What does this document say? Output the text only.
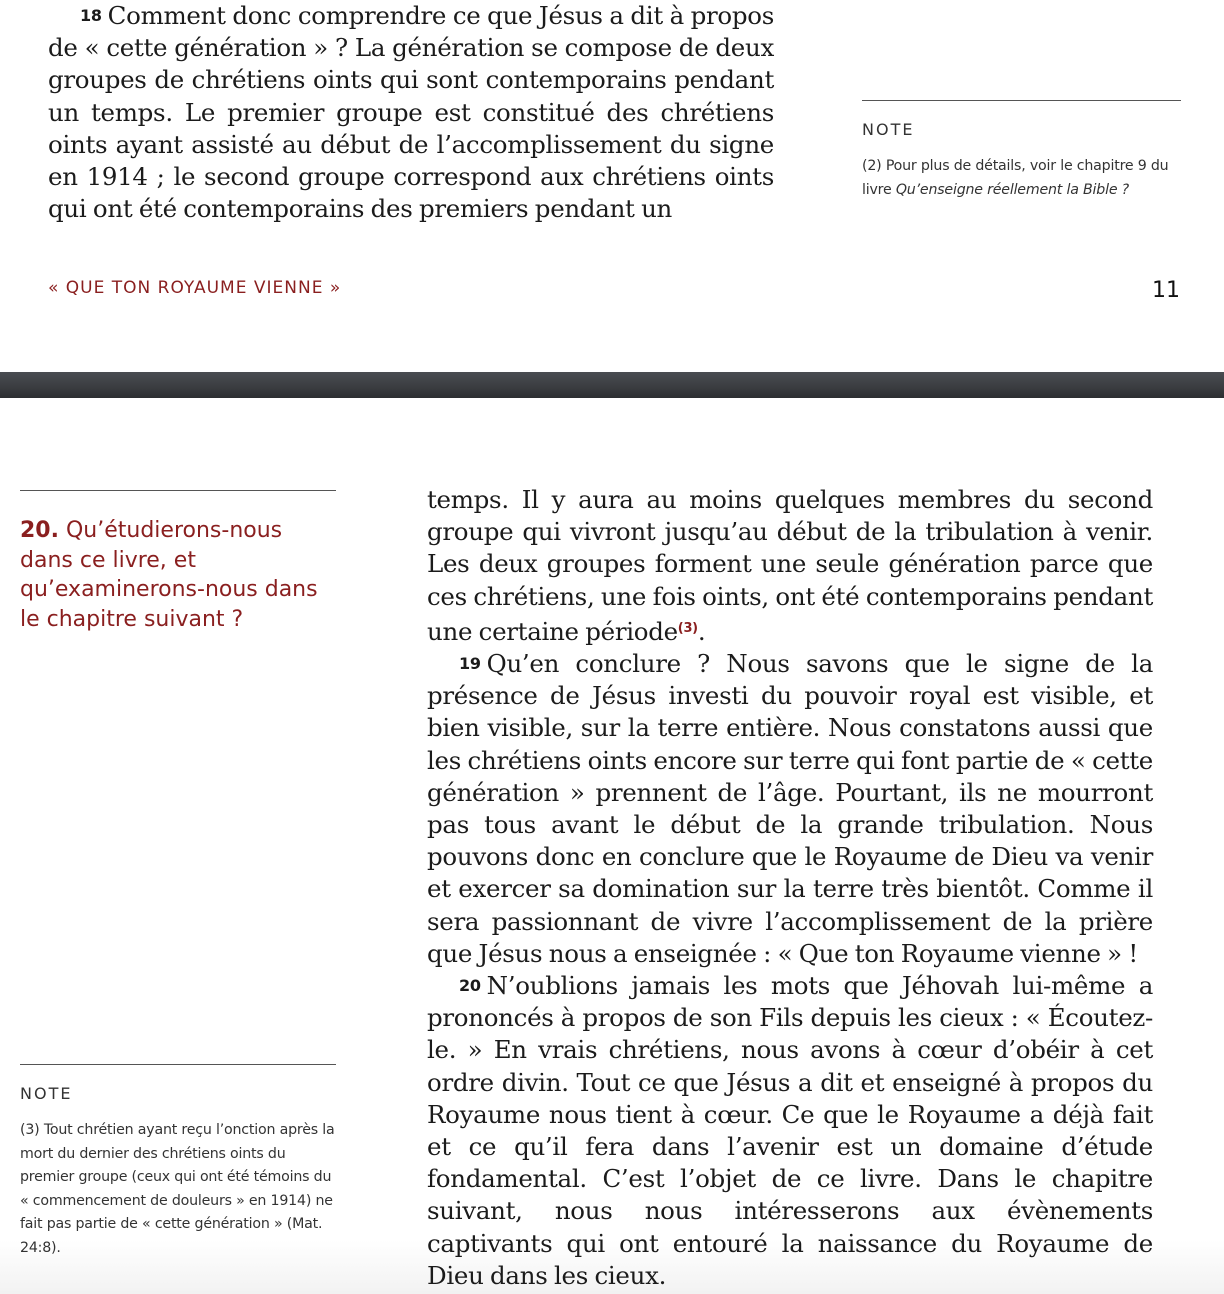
18 Comment donc comprendre ce que Jésus a dit à propos de « cette génération » ? La génération se compose de deux groupes de chrétiens oints qui sont contemporains pendant un temps. Le premier groupe est constitué des chrétiens oints ayant assisté au début de l’accomplissement du signe en 1914 ; le second groupe correspond aux chrétiens oints qui ont été contemporains des premiers pendant un

NOTE
(2) Pour plus de détails, voir le chapitre 9 du livre Qu’enseigne réellement la Bible ?
« QUE TON ROYAUME VIENNE »	11
20. Qu’étudierons-nous dans ce livre, et qu’examinerons-nous dans le chapitre suivant ?
NOTE
(3) Tout chrétien ayant reçu l’onction après la mort du dernier des chrétiens oints du premier groupe (ceux qui ont été témoins du « commencement de douleurs » en 1914) ne fait pas partie de « cette génération » (Mat. 24:8).

temps. Il y aura au moins quelques membres du second groupe qui vivront jusqu’au début de la tribulation à venir. Les deux groupes forment une seule génération parce que ces chrétiens, une fois oints, ont été contemporains pendant une certaine période$^{(3)}$.

19 Qu’en conclure ? Nous savons que le signe de la présence de Jésus investi du pouvoir royal est visible, et bien visible, sur la terre entière. Nous constatons aussi que les chrétiens oints encore sur terre qui font partie de « cette génération » prennent de l’âge. Pourtant, ils ne mourront pas tous avant le début de la grande tribulation. Nous pouvons donc en conclure que le Royaume de Dieu va venir et exercer sa domination sur la terre très bientôt. Comme il sera passionnant de vivre l’accomplissement de la prière que Jésus nous a enseignée : « Que ton Royaume vienne » !

20 N’oublions jamais les mots que Jéhovah lui-même a prononcés à propos de son Fils depuis les cieux : « Écoutez-le. » En vrais chrétiens, nous avons à cœur d’obéir à cet ordre divin. Tout ce que Jésus a dit et enseigné à propos du Royaume nous tient à cœur. Ce que le Royaume a déjà fait et ce qu’il fera dans l’avenir est un domaine d’étude fondamental. C’est l’objet de ce livre. Dans le chapitre suivant, nous nous intéresserons aux évènements captivants qui ont entouré la naissance du Royaume de Dieu dans les cieux.
